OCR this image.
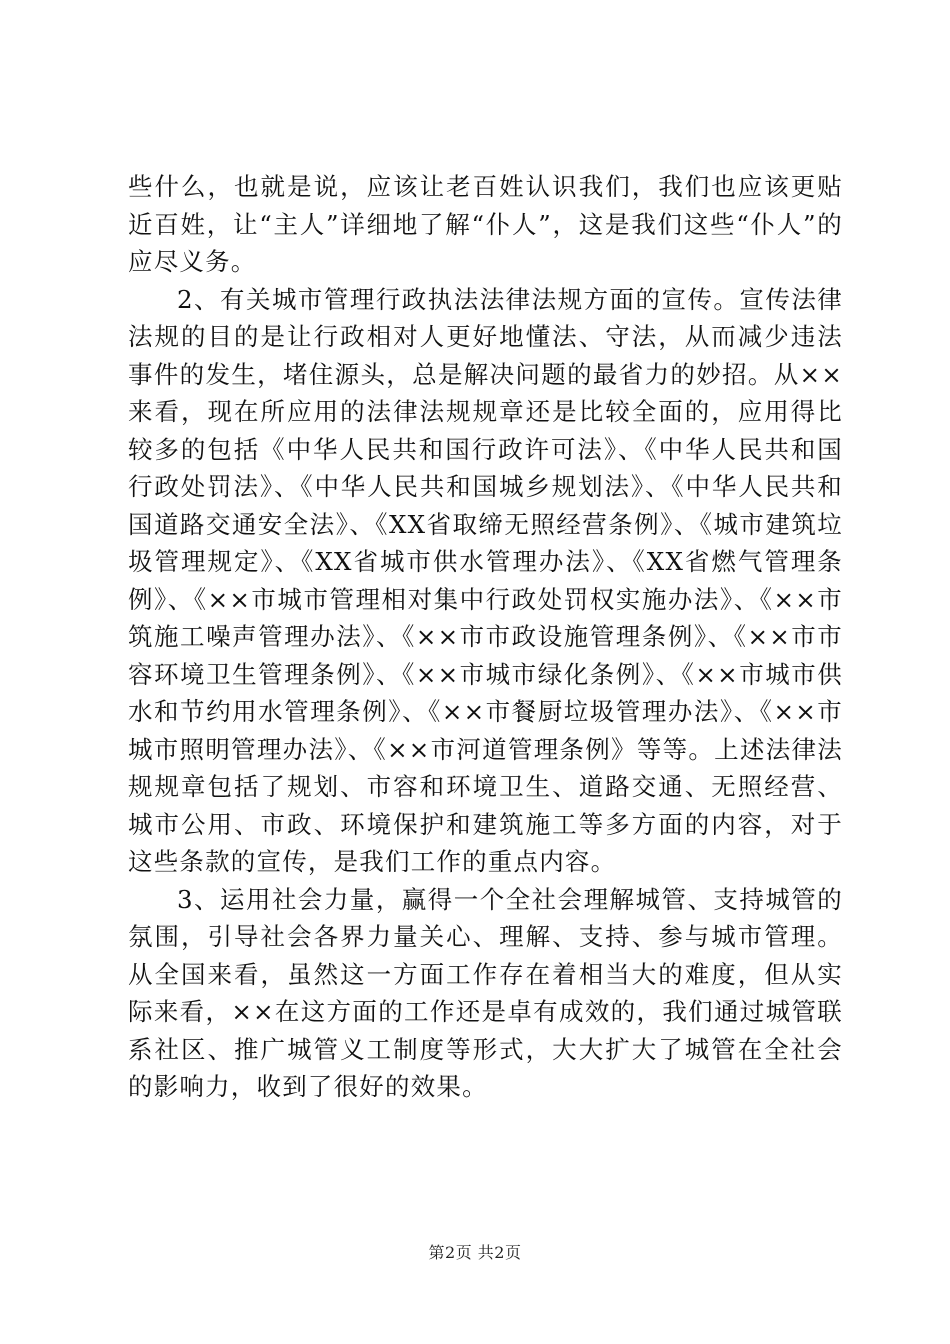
些什么，也就是说，应该让老百姓认识我们，我们也应该更贴近百姓，让“主人”详细地了解“仆人”，这是我们这些“仆人”的应尽义务。

2、有关城市管理行政执法法律法规方面的宣传。宣传法律法规的目的是让行政相对人更好地懂法、守法，从而减少违法事件的发生，堵住源头，总是解决问题的最省力的妙招。从××来看，现在所应用的法律法规规章还是比较全面的，应用得比较多的包括《中华人民共和国行政许可法》、《中华人民共和国行政处罚法》、《中华人民共和国城乡规划法》、《中华人民共和国道路交通安全法》、《XX省取缔无照经营条例》、《城市建筑垃圾管理规定》、《XX省城市供水管理办法》、《XX省燃气管理条例》、《××市城市管理相对集中行政处罚权实施办法》、《××市筑施工噪声管理办法》、《××市市政设施管理条例》、《××市市容环境卫生管理条例》、《××市城市绿化条例》、《××市城市供水和节约用水管理条例》、《××市餐厨垃圾管理办法》、《××市城市照明管理办法》、《××市河道管理条例》等等。上述法律法规规章包括了规划、市容和环境卫生、道路交通、无照经营、城市公用、市政、环境保护和建筑施工等多方面的内容，对于这些条款的宣传，是我们工作的重点内容。

3、运用社会力量，赢得一个全社会理解城管、支持城管的氛围，引导社会各界力量关心、理解、支持、参与城市管理。从全国来看，虽然这一方面工作存在着相当大的难度，但从实际来看，××在这方面的工作还是卓有成效的，我们通过城管联系社区、推广城管义工制度等形式，大大扩大了城管在全社会的影响力，收到了很好的效果。

第2页 共2页
